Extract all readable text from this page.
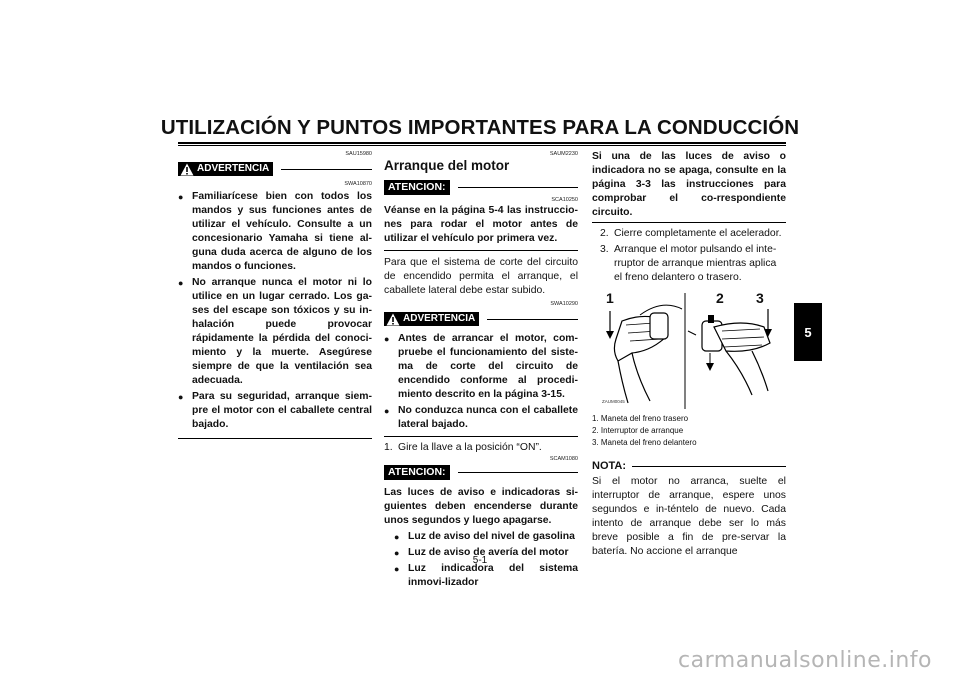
UTILIZACIÓN Y PUNTOS IMPORTANTES PARA LA CONDUCCIÓN
SAU15980
ADVERTENCIA
SWA10870
● Familiarícese bien con todos los mandos y sus funciones antes de utilizar el vehículo. Consulte a un concesionario Yamaha si tiene al-guna duda acerca de alguno de los mandos o funciones.
● No arranque nunca el motor ni lo utilice en un lugar cerrado. Los ga-ses del escape son tóxicos y su in-halación puede provocar rápidamente la pérdida del conoci-miento y la muerte. Asegúrese siempre de que la ventilación sea adecuada.
● Para su seguridad, arranque siem-pre el motor con el caballete central bajado.
SAUM2230
Arranque del motor
ATENCION:
SCA10250
Véanse en la página 5-4 las instruccio-nes para rodar el motor antes de utilizar el vehículo por primera vez.
Para que el sistema de corte del circuito de encendido permita el arranque, el caballete lateral debe estar subido.
SWA10290
ADVERTENCIA
● Antes de arrancar el motor, com-pruebe el funcionamiento del siste-ma de corte del circuito de encendido conforme al procedi-miento descrito en la página 3-15.
● No conduzca nunca con el caballete lateral bajado.
1. Gire la llave a la posición “ON”.
SCAM1080
ATENCION:
Las luces de aviso e indicadoras si-guientes deben encenderse durante unos segundos y luego apagarse.
● Luz de aviso del nivel de gasolina
● Luz de aviso de avería del motor
● Luz indicadora del sistema inmovi-lizador
Si una de las luces de aviso o indicadora no se apaga, consulte en la página 3-3 las instrucciones para comprobar el co-rrespondiente circuito.
2. Cierre completamente el acelerador.
3. Arranque el motor pulsando el inte-rruptor de arranque mientras aplica el freno delantero o trasero.
1	2 3
ZAUM0045
1. Maneta del freno trasero
2. Interruptor de arranque
3. Maneta del freno delantero
NOTA:
Si el motor no arranca, suelte el interruptor de arranque, espere unos segundos e in-téntelo de nuevo. Cada intento de arranque debe ser lo más breve posible a fin de pre-servar la batería. No accione el arranque
5
5-1
carmanualsonline.info
